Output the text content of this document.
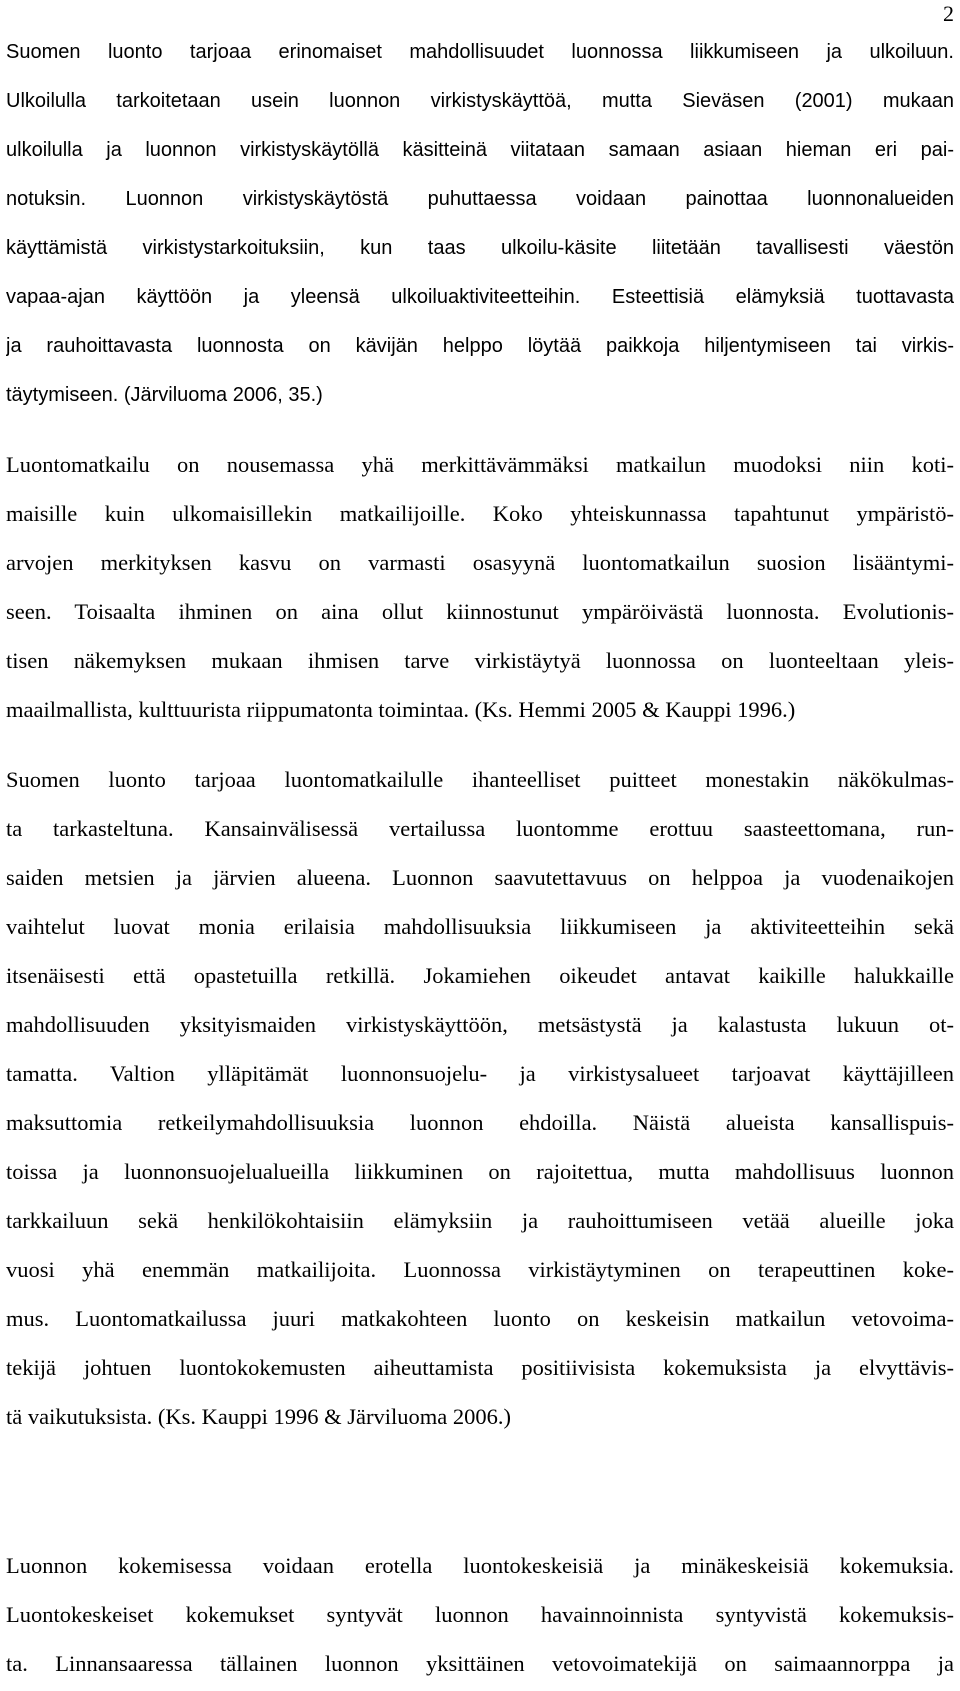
2
Suomen luonto tarjoaa erinomaiset mahdollisuudet luonnossa liikkumiseen ja ulkoiluun.
Ulkoilulla tarkoitetaan usein luonnon virkistyskäyttöä, mutta Sieväsen (2001) mukaan
ulkoilulla ja luonnon virkistyskäytöllä käsitteinä viitataan samaan asiaan hieman eri pai-
notuksin. Luonnon virkistyskäytöstä puhuttaessa voidaan painottaa luonnonalueiden
käyttämistä virkistystarkoituksiin, kun taas ulkoilu-käsite liitetään tavallisesti väestön
vapaa-ajan käyttöön ja yleensä ulkoiluaktiviteetteihin. Esteettisiä elämyksiä tuottavasta
ja rauhoittavasta luonnosta on kävijän helppo löytää paikkoja hiljentymiseen tai virkis-
täytymiseen. (Järviluoma 2006, 35.)
Luontomatkailu on nousemassa yhä merkittävämmäksi matkailun muodoksi niin koti-
maisille kuin ulkomaisillekin matkailijoille. Koko yhteiskunnassa tapahtunut ympäristö-
arvojen merkityksen kasvu on varmasti osasyynä luontomatkailun suosion lisääntymi-
seen. Toisaalta ihminen on aina ollut kiinnostunut ympäröivästä luonnosta. Evolutionis-
tisen näkemyksen mukaan ihmisen tarve virkistäytyä luonnossa on luonteeltaan yleis-
maailmallista, kulttuurista riippumatonta toimintaa. (Ks. Hemmi 2005 & Kauppi 1996.)
Suomen luonto tarjoaa luontomatkailulle ihanteelliset puitteet monestakin näkökulmas-
ta tarkasteltuna. Kansainvälisessä vertailussa luontomme erottuu saasteettomana, run-
saiden metsien ja järvien alueena. Luonnon saavutettavuus on helppoa ja vuodenaikojen
vaihtelut luovat monia erilaisia mahdollisuuksia liikkumiseen ja aktiviteetteihin sekä
itsenäisesti että opastetuilla retkillä. Jokamiehen oikeudet antavat kaikille halukkaille
mahdollisuuden yksityismaiden virkistyskäyttöön, metsästystä ja kalastusta lukuun ot-
tamatta. Valtion ylläpitämät luonnonsuojelu- ja virkistysalueet tarjoavat käyttäjilleen
maksuttomia retkeilymahdollisuuksia luonnon ehdoilla. Näistä alueista kansallispuis-
toissa ja luonnonsuojelualueilla liikkuminen on rajoitettua, mutta mahdollisuus luonnon
tarkkailuun sekä henkilökohtaisiin elämyksiin ja rauhoittumiseen vetää alueille joka
vuosi yhä enemmän matkailijoita. Luonnossa virkistäytyminen on terapeuttinen koke-
mus. Luontomatkailussa juuri matkakohteen luonto on keskeisin matkailun vetovoima-
tekijä johtuen luontokokemusten aiheuttamista positiivisista kokemuksista ja elvyttävis-
tä vaikutuksista. (Ks. Kauppi 1996 & Järviluoma 2006.)
Luonnon kokemisessa voidaan erotella luontokeskeisiä ja minäkeskeisiä kokemuksia.
Luontokeskeiset kokemukset syntyvät luonnon havainnoinnista syntyvistä kokemuksis-
ta. Linnansaaressa tällainen luonnon yksittäinen vetovoimatekijä on saimaannorppa ja
